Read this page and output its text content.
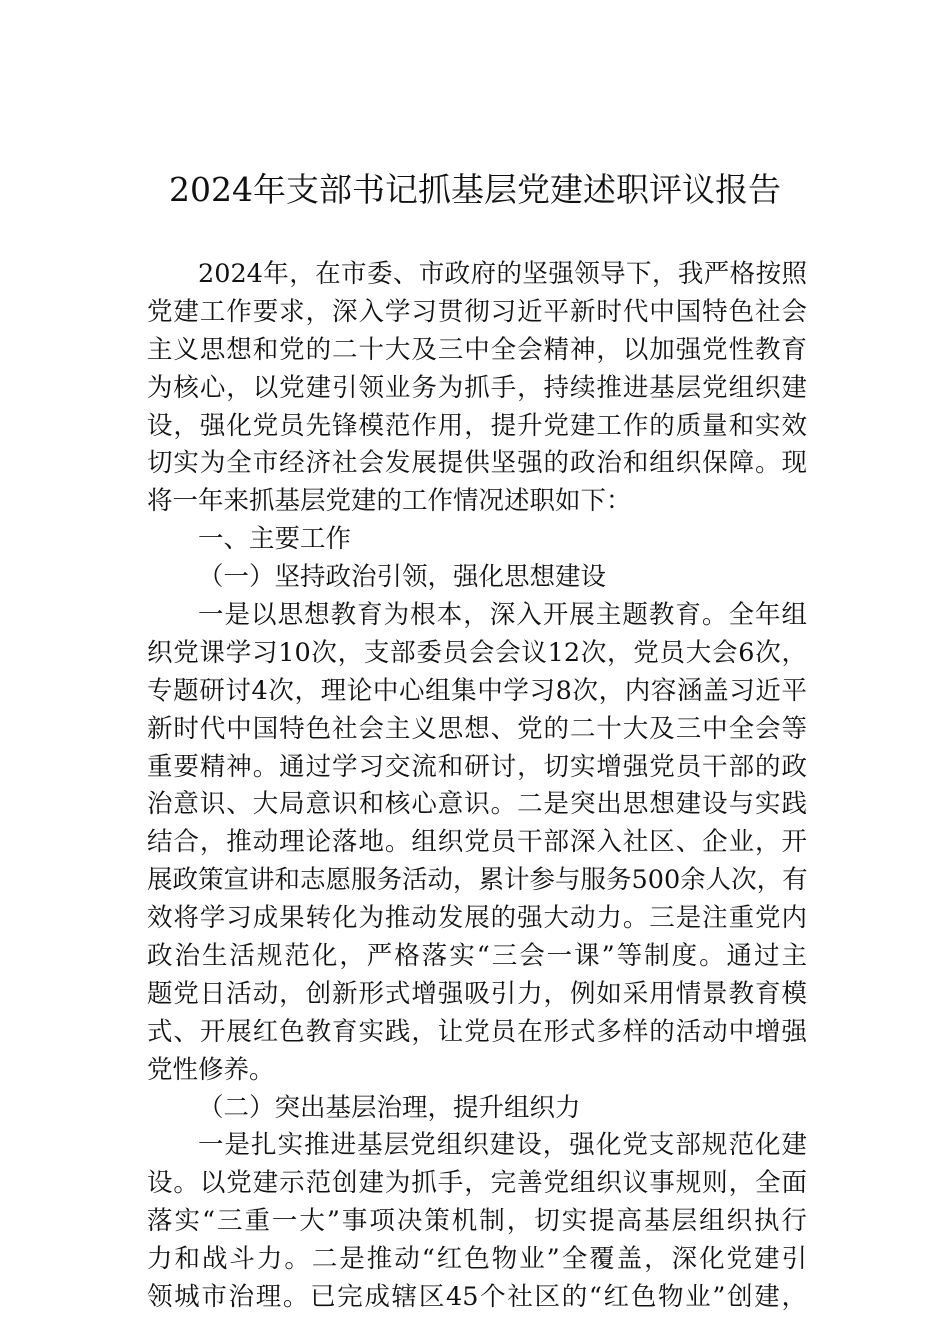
2024年支部书记抓基层党建述职评议报告
2024年，在市委、市政府的坚强领导下，我严格按照
党建工作要求，深入学习贯彻习近平新时代中国特色社会
主义思想和党的二十大及三中全会精神，以加强党性教育
为核心，以党建引领业务为抓手，持续推进基层党组织建
设，强化党员先锋模范作用，提升党建工作的质量和实效
切实为全市经济社会发展提供坚强的政治和组织保障。现
将一年来抓基层党建的工作情况述职如下：
一、主要工作
（一）坚持政治引领，强化思想建设
一是以思想教育为根本，深入开展主题教育。全年组
织党课学习10次，支部委员会会议12次，党员大会6次，
专题研讨4次，理论中心组集中学习8次，内容涵盖习近平
新时代中国特色社会主义思想、党的二十大及三中全会等
重要精神。通过学习交流和研讨，切实增强党员干部的政
治意识、大局意识和核心意识。二是突出思想建设与实践
结合，推动理论落地。组织党员干部深入社区、企业，开
展政策宣讲和志愿服务活动，累计参与服务500余人次，有
效将学习成果转化为推动发展的强大动力。三是注重党内
政治生活规范化，严格落实“三会一课”等制度。通过主
题党日活动，创新形式增强吸引力，例如采用情景教育模
式、开展红色教育实践，让党员在形式多样的活动中增强
党性修养。
（二）突出基层治理，提升组织力
一是扎实推进基层党组织建设，强化党支部规范化建
设。以党建示范创建为抓手，完善党组织议事规则，全面
落实“三重一大”事项决策机制，切实提高基层组织执行
力和战斗力。二是推动“红色物业”全覆盖，深化党建引
领城市治理。已完成辖区45个社区的“红色物业”创建，
